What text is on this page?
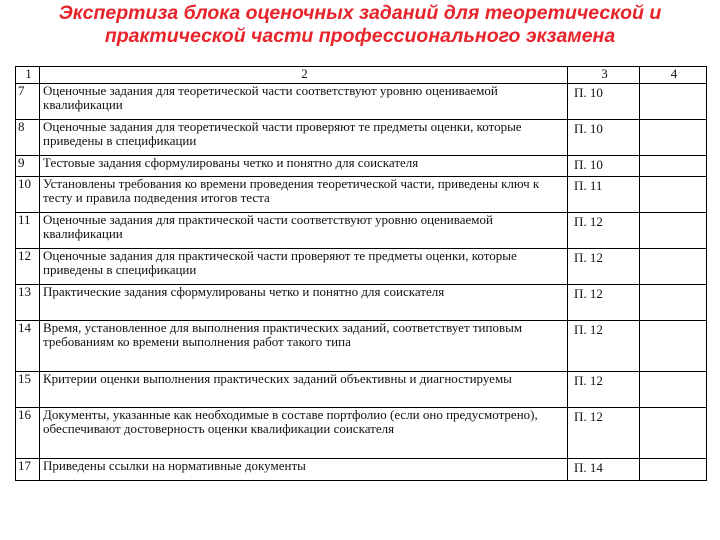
Экспертиза блока оценочных заданий для теоретической и
практической части профессионального экзамена
1	2	3	4
7	Оценочные задания для теоретической части соответствуют уровню оцениваемой квалификации	П. 10	
8	Оценочные задания для теоретической части проверяют те предметы оценки, которые приведены в спецификации	П. 10	
9	Тестовые задания сформулированы четко и понятно для соискателя	П. 10	
10	Установлены требования ко времени проведения теоретической части, приведены ключ к тесту и правила подведения итогов теста	П. 11	
11	Оценочные задания для практической части соответствуют уровню оцениваемой квалификации	П. 12	
12	Оценочные задания для практической части проверяют те предметы оценки, которые приведены в спецификации	П. 12	
13	Практические задания сформулированы четко и понятно для соискателя	П. 12	
14	Время, установленное для выполнения практических заданий, соответствует типовым требованиям ко времени выполнения работ такого типа	П. 12	
15	Критерии оценки выполнения практических заданий объективны и диагностируемы	П. 12	
16	Документы, указанные как необходимые в составе портфолио (если оно предусмотрено), обеспечивают достоверность оценки квалификации соискателя	П. 12	
17	Приведены ссылки на нормативные документы	П. 14	
